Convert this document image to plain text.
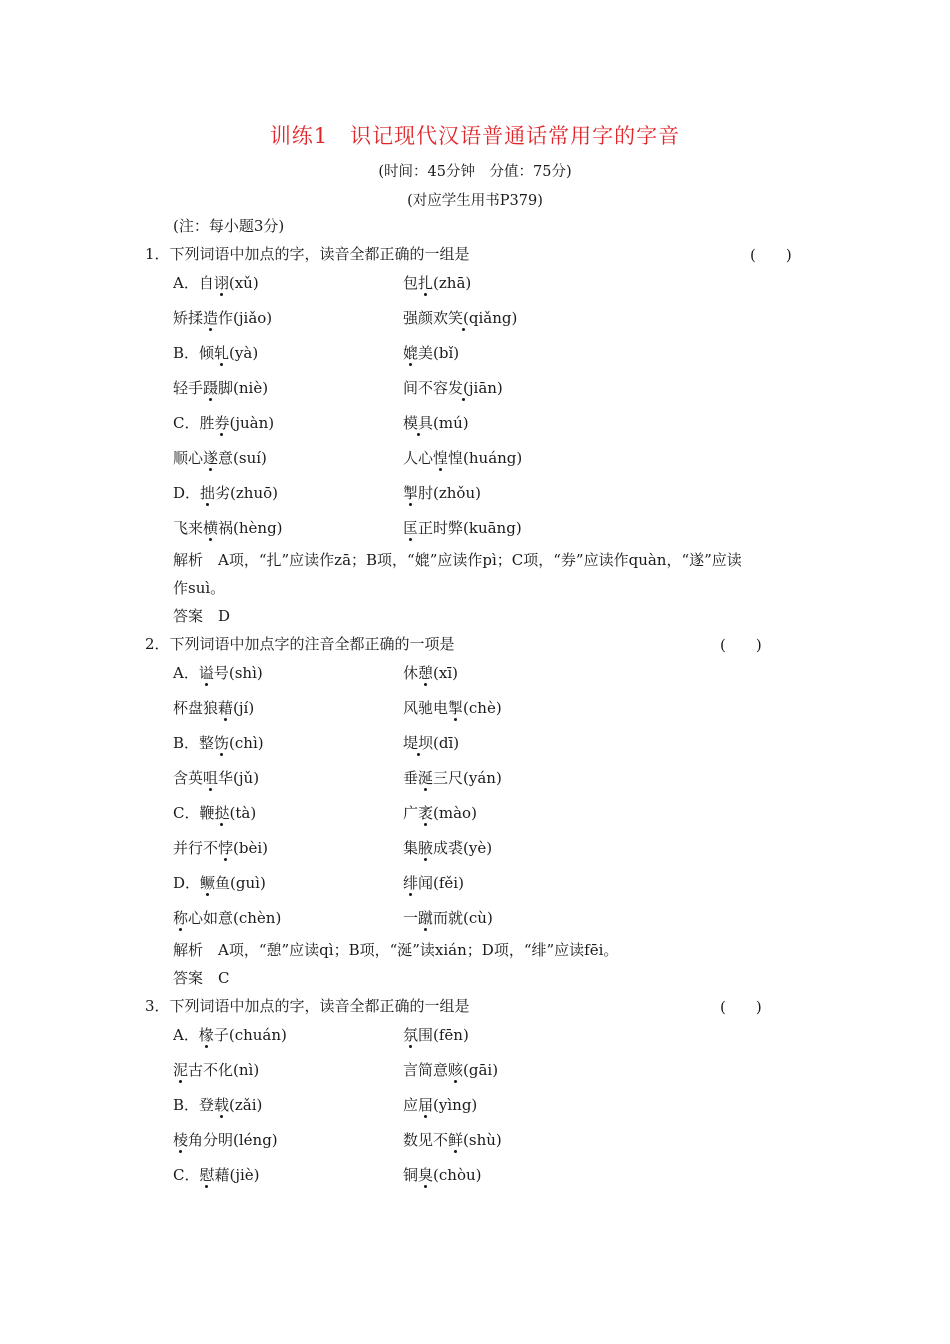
训练1　识记现代汉语普通话常用字的字音
(时间：45分钟　分值：75分)
(对应学生用书P379)
(注：每小题3分)
1．下列词语中加点的字，读音全都正确的一组是	(　　)
A．自诩(xǔ)	包扎(zhā)
矫揉造作(jiǎo)	强颜欢笑(qiǎng)
B．倾轧(yà)	媲美(bǐ)
轻手蹑脚(niè)	间不容发(jiān)
C．胜券(juàn)	模具(mú)
顺心遂意(suí)	人心惶惶(huáng)
D．拙劣(zhuō)	掣肘(zhǒu)
飞来横祸(hèng)	匡正时弊(kuāng)
解析　A项，“扎”应读作zā；B项，“媲”应读作pì；C项，“券”应读作quàn，“遂”应读
作suì。
答案　D
2．下列词语中加点字的注音全都正确的一项是	(　　)
A．谥号(shì)	休憩(xī)
杯盘狼藉(jí)	风驰电掣(chè)
B．整饬(chì)	堤坝(dī)
含英咀华(jǔ)	垂涎三尺(yán)
C．鞭挞(tà)	广袤(mào)
并行不悖(bèi)	集腋成裘(yè)
D．鳜鱼(guì)	绯闻(fěi)
称心如意(chèn)	一蹴而就(cù)
解析　A项，“憩”应读qì；B项，“涎”读xián；D项，“绯”应读fēi。
答案　C
3．下列词语中加点的字，读音全都正确的一组是	(　　)
A．椽子(chuán)	氛围(fēn)
泥古不化(nì)	言简意赅(gāi)
B．登载(zǎi)	应届(yìng)
棱角分明(léng)	数见不鲜(shù)
C．慰藉(jiè)	铜臭(chòu)
